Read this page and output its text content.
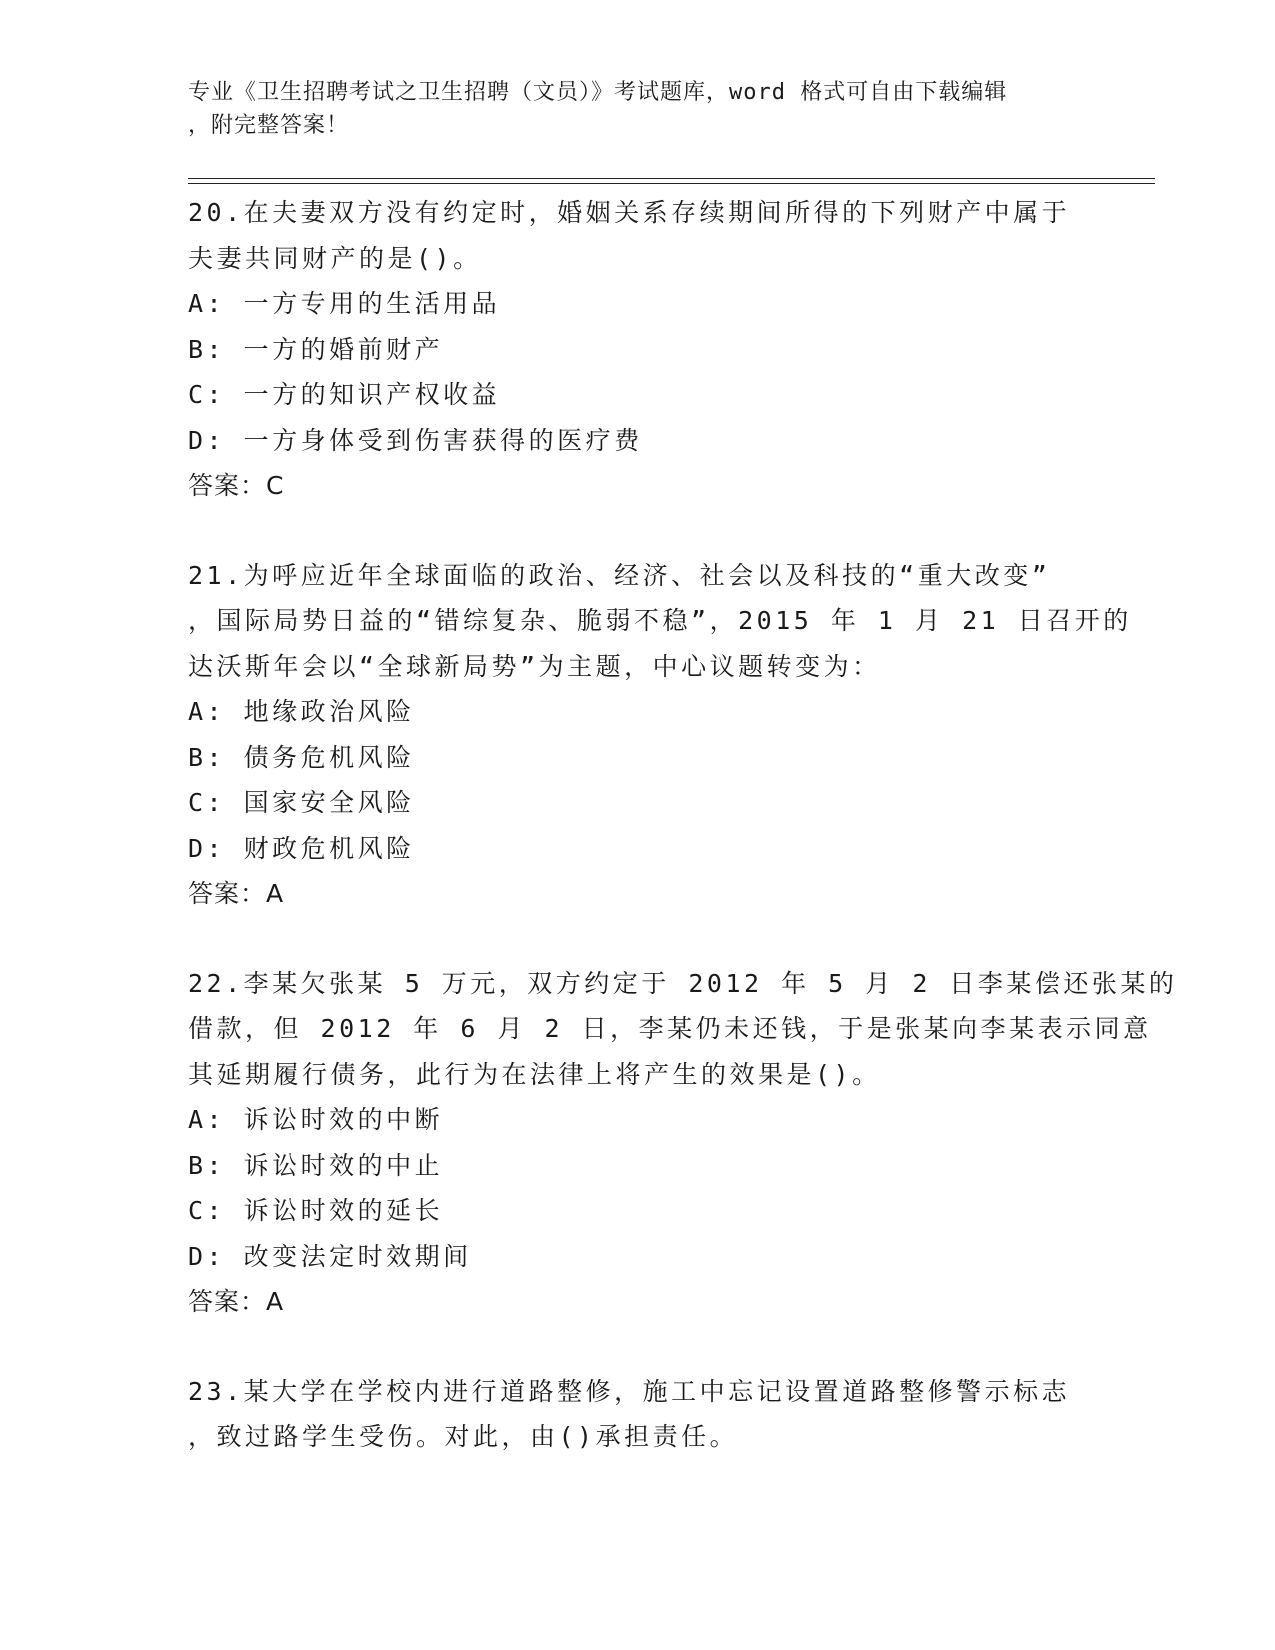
专业《卫生招聘考试之卫生招聘（文员）》考试题库，word 格式可自由下载编辑
，附完整答案！
20.在夫妻双方没有约定时，婚姻关系存续期间所得的下列财产中属于
夫妻共同财产的是()。
A: 一方专用的生活用品
B: 一方的婚前财产
C: 一方的知识产权收益
D: 一方身体受到伤害获得的医疗费
答案：C
21.为呼应近年全球面临的政治、经济、社会以及科技的“重大改变”
，国际局势日益的“错综复杂、脆弱不稳”，2015 年 1 月 21 日召开的
达沃斯年会以“全球新局势”为主题，中心议题转变为：
A: 地缘政治风险
B: 债务危机风险
C: 国家安全风险
D: 财政危机风险
答案：A
22.李某欠张某 5 万元，双方约定于 2012 年 5 月 2 日李某偿还张某的
借款，但 2012 年 6 月 2 日，李某仍未还钱，于是张某向李某表示同意
其延期履行债务，此行为在法律上将产生的效果是()。
A: 诉讼时效的中断
B: 诉讼时效的中止
C: 诉讼时效的延长
D: 改变法定时效期间
答案：A
23.某大学在学校内进行道路整修，施工中忘记设置道路整修警示标志
，致过路学生受伤。对此，由()承担责任。
